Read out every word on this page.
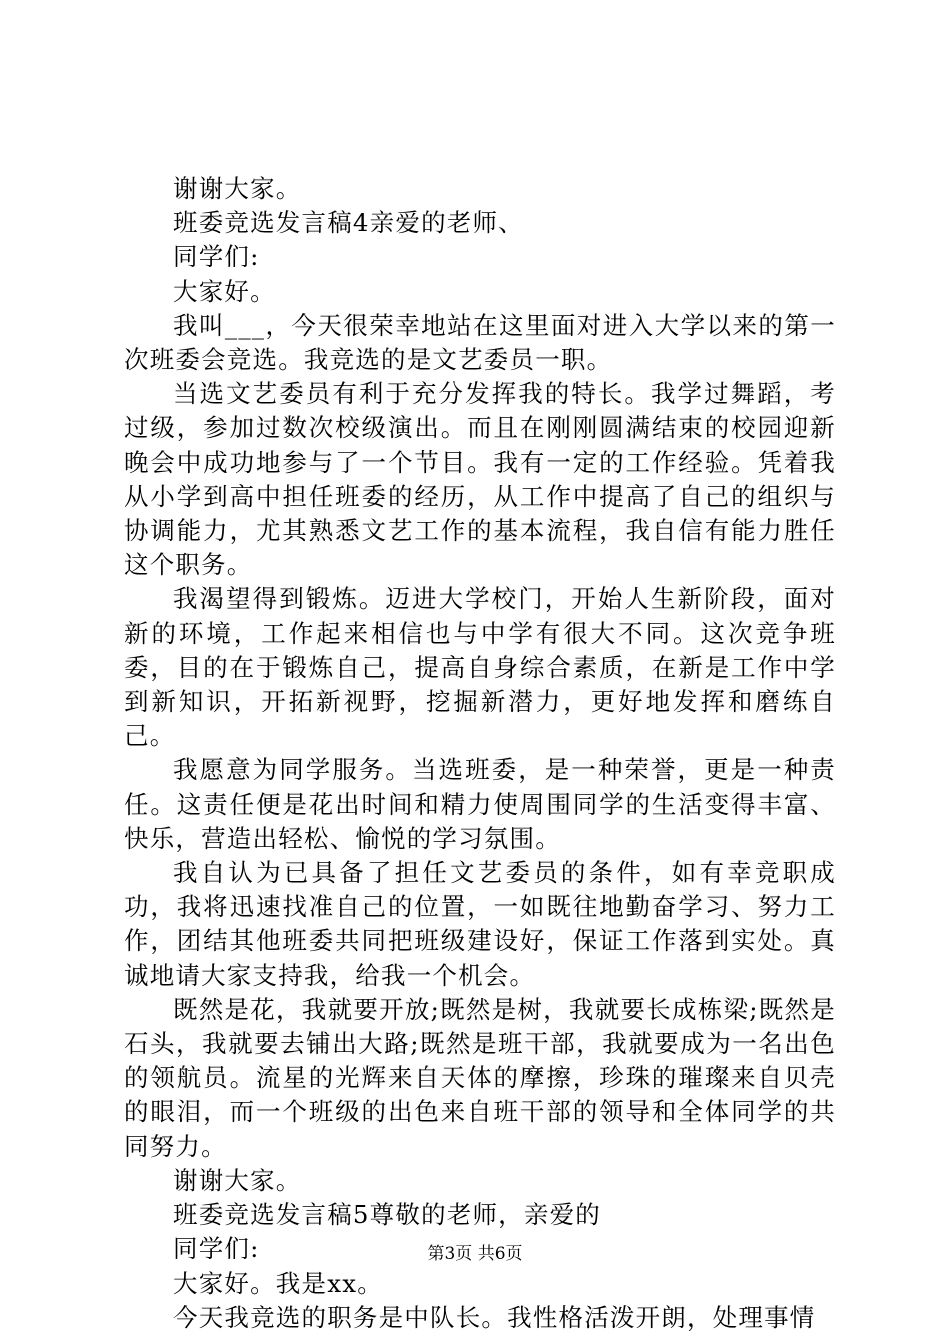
谢谢大家。

班委竞选发言稿4亲爱的老师、

同学们:

大家好。

我叫___，今天很荣幸地站在这里面对进入大学以来的第一次班委会竞选。我竞选的是文艺委员一职。

当选文艺委员有利于充分发挥我的特长。我学过舞蹈，考过级，参加过数次校级演出。而且在刚刚圆满结束的校园迎新晚会中成功地参与了一个节目。我有一定的工作经验。凭着我从小学到高中担任班委的经历，从工作中提高了自己的组织与协调能力，尤其熟悉文艺工作的基本流程，我自信有能力胜任这个职务。

我渴望得到锻炼。迈进大学校门，开始人生新阶段，面对新的环境，工作起来相信也与中学有很大不同。这次竞争班委，目的在于锻炼自己，提高自身综合素质，在新是工作中学到新知识，开拓新视野，挖掘新潜力，更好地发挥和磨练自己。

我愿意为同学服务。当选班委，是一种荣誉，更是一种责任。这责任便是花出时间和精力使周围同学的生活变得丰富、快乐，营造出轻松、愉悦的学习氛围。

我自认为已具备了担任文艺委员的条件，如有幸竞职成功，我将迅速找准自己的位置，一如既往地勤奋学习、努力工作，团结其他班委共同把班级建设好，保证工作落到实处。真诚地请大家支持我，给我一个机会。

既然是花，我就要开放;既然是树，我就要长成栋梁;既然是石头，我就要去铺出大路;既然是班干部，我就要成为一名出色的领航员。流星的光辉来自天体的摩擦，珍珠的璀璨来自贝壳的眼泪，而一个班级的出色来自班干部的领导和全体同学的共同努力。

谢谢大家。

班委竞选发言稿5尊敬的老师，亲爱的

同学们:

大家好。我是xx。

今天我竞选的职务是中队长。我性格活泼开朗，处理事情

第3页 共6页
